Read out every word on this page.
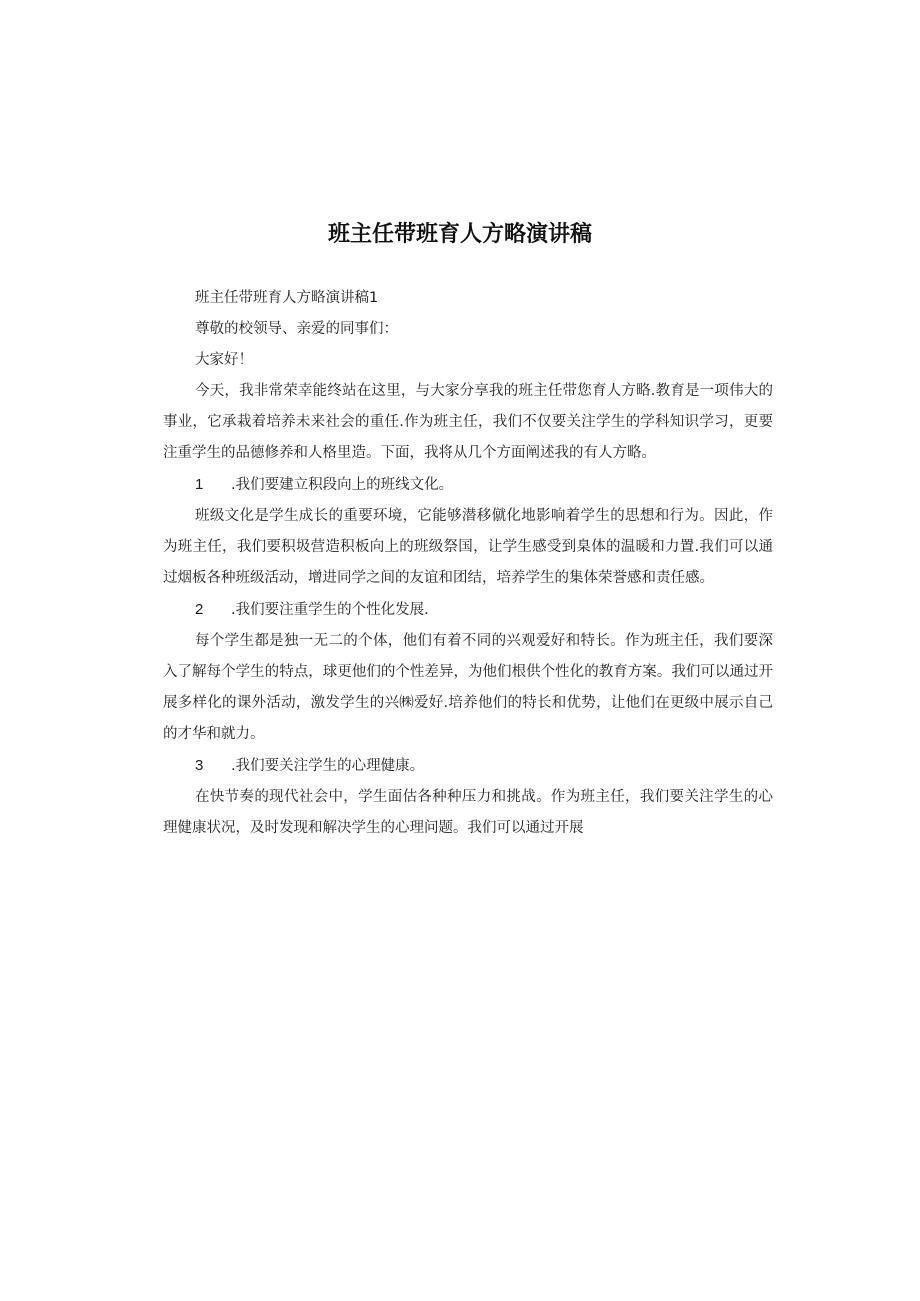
班主任带班育人方略演讲稿

班主任带班育人方略演讲稿1

尊敬的校领导、亲爱的同事们：

大家好！

今天，我非常荣幸能终站在这里，与大家分享我的班主任带您育人方略.教育是一项伟大的事业，它承栽着培养未来社会的重任.作为班主任，我们不仅要关注学生的学科知识学习，更要注重学生的品德修养和人格里造。下面，我将从几个方面阐述我的有人方略。

1 .我们要建立积段向上的班线文化。

班级文化是学生成长的重要环境，它能够潜移僦化地影响着学生的思想和行为。因此，作为班主任，我们要积圾营造积板向上的班级祭国，让学生感受到臬体的温暖和力置.我们可以通过烟板各种班级活动，增进同学之间的友谊和团结，培养学生的集体荣誉感和责任感。

2 .我们要注重学生的个性化发展.

每个学生都是独一无二的个体，他们有着不同的兴观爱好和特长。作为班主任，我们要深入了解每个学生的特点，球更他们的个性差异，为他们根供个性化的教育方案。我们可以通过开展多样化的课外活动，激发学生的兴㈱爱好.培养他们的特长和优势，让他们在更级中展示自己的才华和就力。

3 .我们要关注学生的心理健康。

在快节奏的现代社会中，学生面估各种种压力和挑战。作为班主任，我们要关注学生的心理健康状况，及时发现和解决学生的心理问题。我们可以通过开展
